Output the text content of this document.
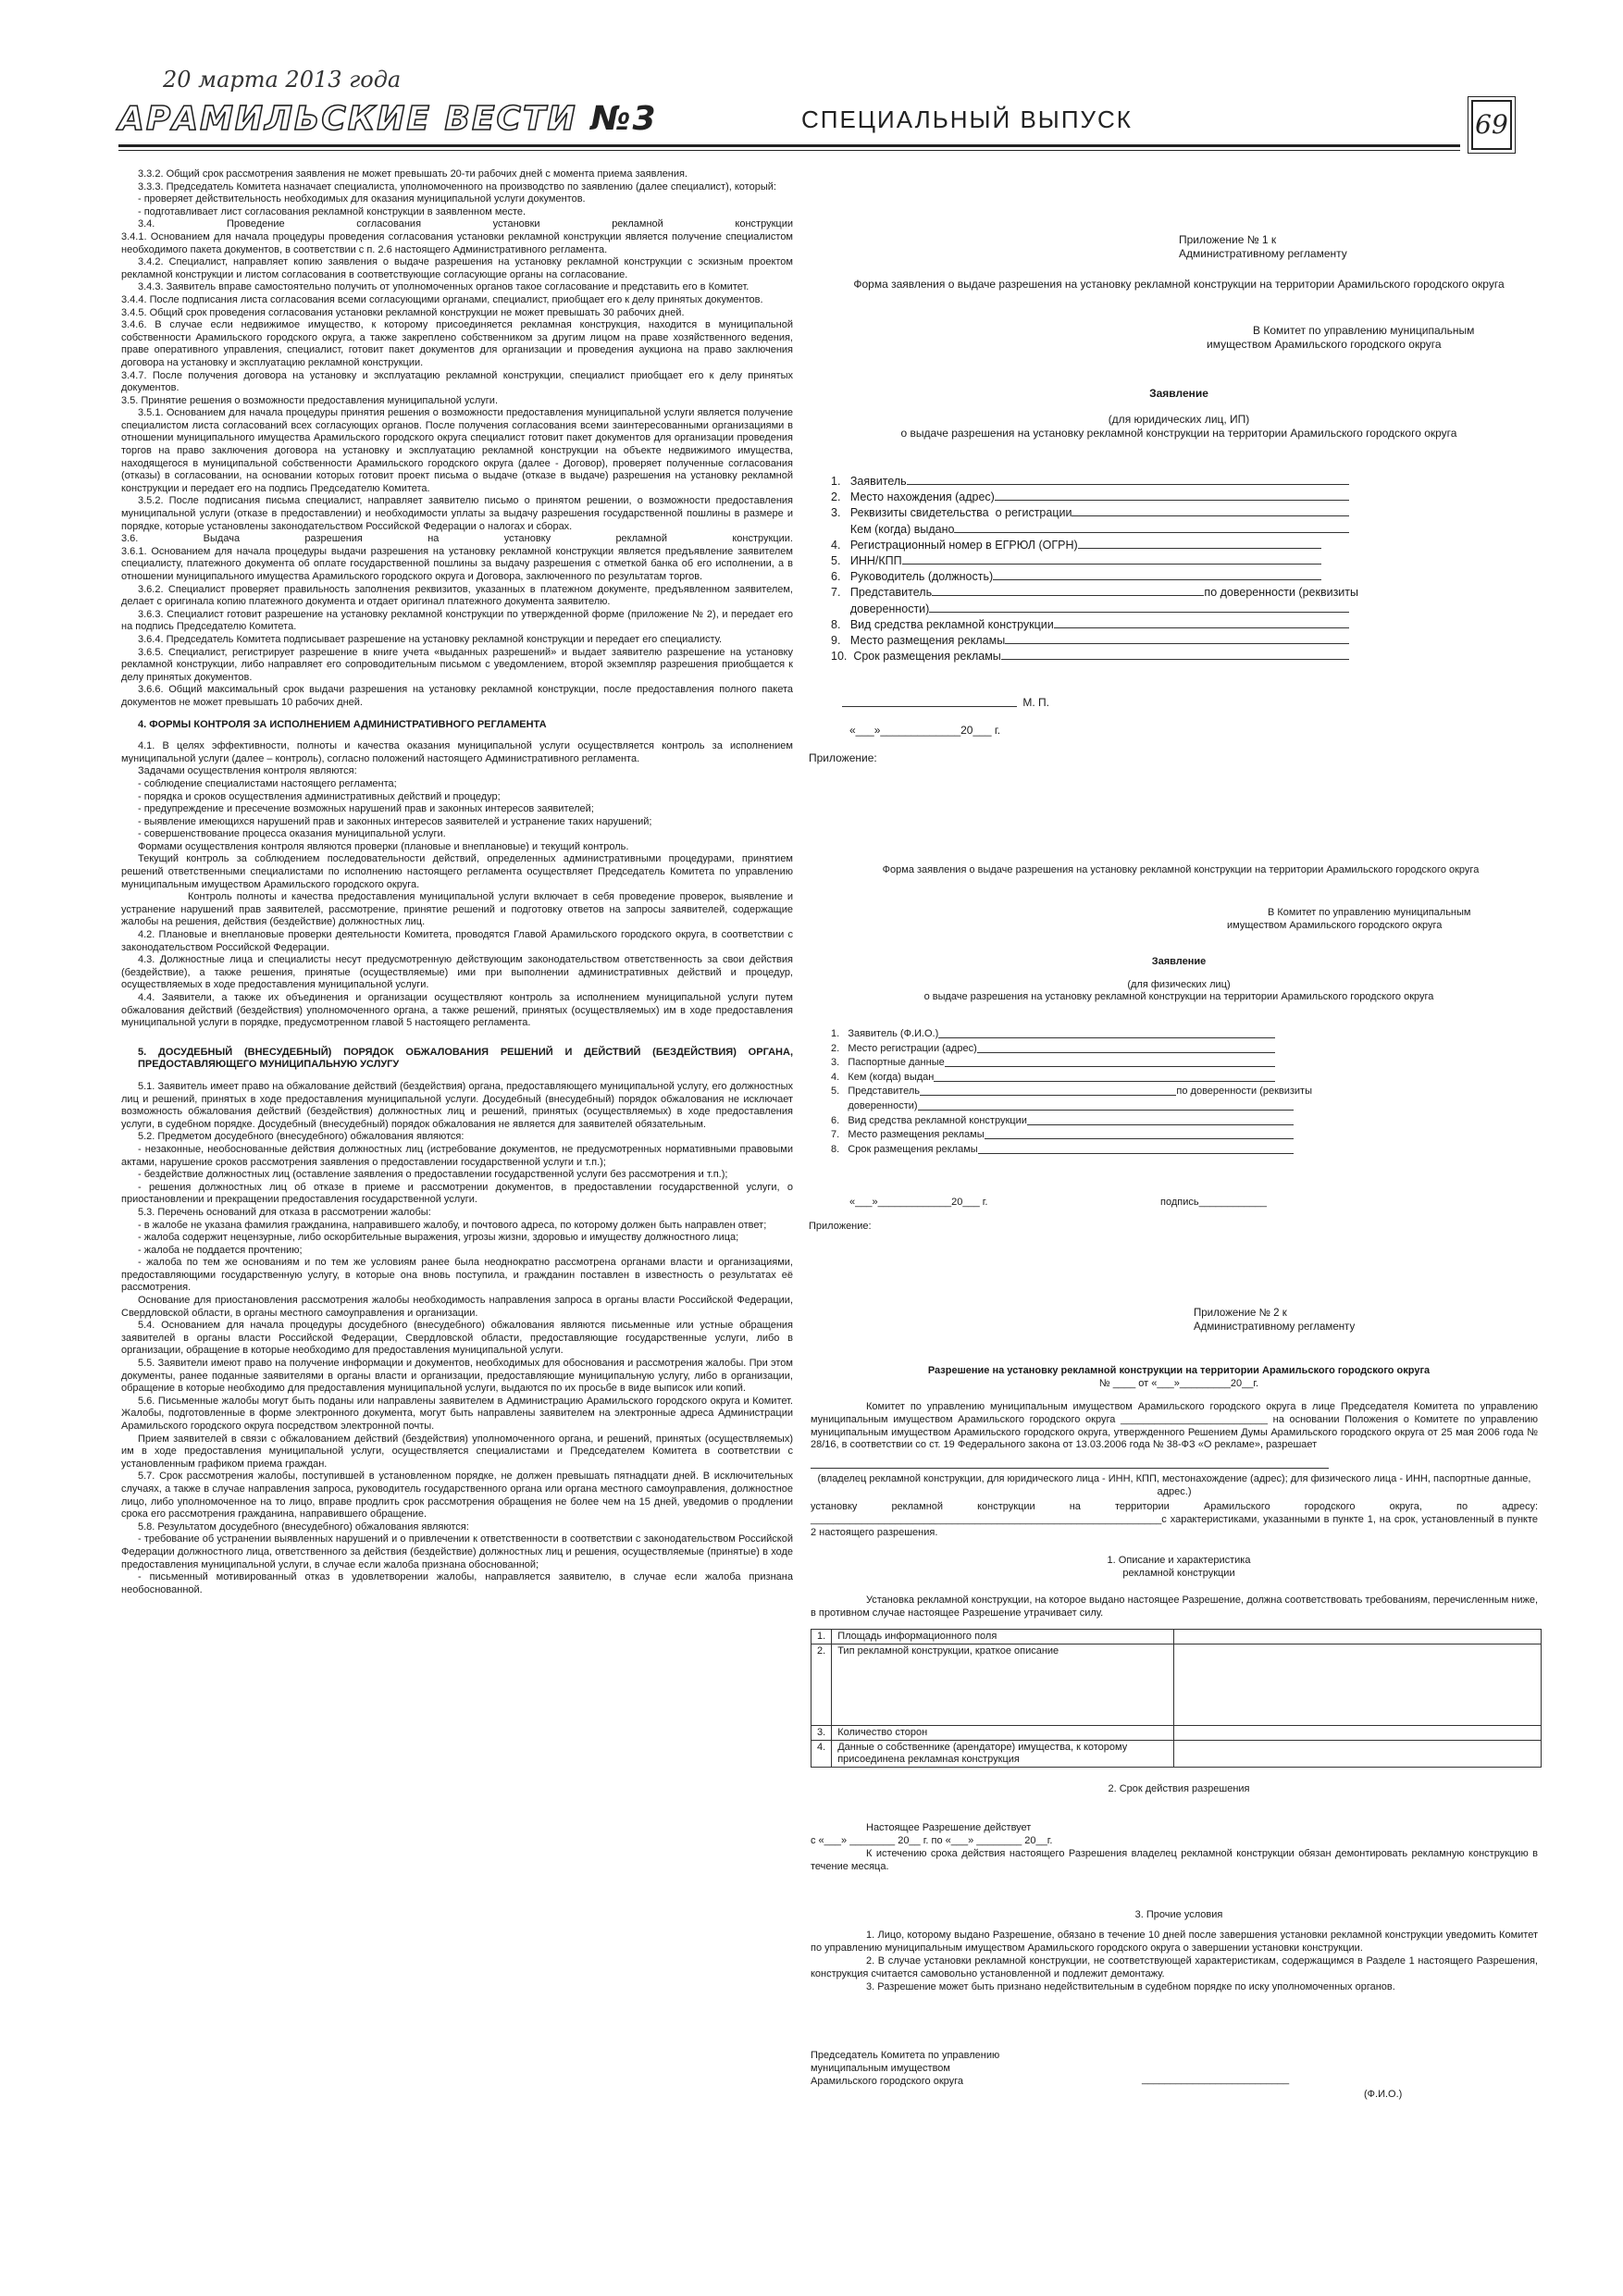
20 марта 2013 года
АРАМИЛЬСКИЕ ВЕСТИ №3	СПЕЦИАЛЬНЫЙ ВЫПУСК	69

3.3.2. Общий срок рассмотрения заявления не может превышать 20-ти рабочих дней с момента приема заявления.

3.3.3. Председатель Комитета назначает специалиста, уполномоченного на производство по заявлению (далее специалист), который:

- проверяет действительность необходимых для оказания муниципальной услуги документов.

- подготавливает лист согласования рекламной конструкции в заявленном месте.

3.4. Проведение согласования установки рекламной конструкции

3.4.1. Основанием для начала процедуры проведения согласования установки рекламной конструкции является получение специалистом необходимого пакета документов, в соответствии с п. 2.6 настоящего Административного регламента.

3.4.2. Специалист, направляет копию заявления о выдаче разрешения на установку рекламной конструкции с эскизным проектом рекламной конструкции и листом согласования в соответствующие согласующие органы на согласование.

3.4.3. Заявитель вправе самостоятельно получить от уполномоченных органов такое согласование и представить его в Комитет.

3.4.4. После подписания листа согласования всеми согласующими органами, специалист, приобщает его к делу принятых документов.

3.4.5. Общий срок проведения согласования установки рекламной конструкции не может превышать 30 рабочих дней.

3.4.6. В случае если недвижимое имущество, к которому присоединяется рекламная конструкция, находится в муниципальной собственности Арамильского городского округа, а также закреплено собственником за другим лицом на праве хозяйственного ведения, праве оперативного управления, специалист, готовит пакет документов для организации и проведения аукциона на право заключения договора на установку и эксплуатацию рекламной конструкции.

3.4.7. После получения договора на установку и эксплуатацию рекламной конструкции, специалист приобщает его к делу принятых документов.

3.5. Принятие решения о возможности предоставления муниципальной услуги.

3.5.1. Основанием для начала процедуры принятия решения о возможности предоставления муниципальной услуги является получение специалистом листа согласований всех согласующих органов. После получения согласования всеми заинтересованными организациями в отношении муниципального имущества Арамильского городского округа специалист готовит пакет документов для организации проведения торгов на право заключения договора на установку и эксплуатацию рекламной конструкции на объекте недвижимого имущества, находящегося в муниципальной собственности Арамильского городского округа (далее - Договор), проверяет полученные согласования (отказы) в согласовании, на основании которых готовит проект письма о выдаче (отказе в выдаче) разрешения на установку рекламной конструкции и передает его на подпись Председателю Комитета.

3.5.2. После подписания письма специалист, направляет заявителю письмо о принятом решении, о возможности предоставления муниципальной услуги (отказе в предоставлении) и необходимости уплаты за выдачу разрешения государственной пошлины в размере и порядке, которые установлены законодательством Российской Федерации о налогах и сборах.

3.6. Выдача разрешения на установку рекламной конструкции.

3.6.1. Основанием для начала процедуры выдачи разрешения на установку рекламной конструкции является предъявление заявителем специалисту, платежного документа об оплате государственной пошлины за выдачу разрешения с отметкой банка об его исполнении, а в отношении муниципального имущества Арамильского городского округа и Договора, заключенного по результатам торгов.

3.6.2. Специалист проверяет правильность заполнения реквизитов, указанных в платежном документе, предъявленном заявителем, делает с оригинала копию платежного документа и отдает оригинал платежного документа заявителю.

3.6.3. Специалист готовит разрешение на установку рекламной конструкции по утвержденной форме (приложение № 2), и передает его на подпись Председателю Комитета.

3.6.4. Председатель Комитета подписывает разрешение на установку рекламной конструкции и передает его специалисту.

3.6.5. Специалист, регистрирует разрешение в книге учета «выданных разрешений» и выдает заявителю разрешение на установку рекламной конструкции, либо направляет его сопроводительным письмом с уведомлением, второй экземпляр разрешения приобщается к делу принятых документов.

3.6.6. Общий максимальный срок выдачи разрешения на установку рекламной конструкции, после предоставления полного пакета документов не может превышать 10 рабочих дней.

4. ФОРМЫ КОНТРОЛЯ ЗА ИСПОЛНЕНИЕМ АДМИНИСТРАТИВНОГО РЕГЛАМЕНТА

4.1. В целях эффективности, полноты и качества оказания муниципальной услуги осуществляется контроль за исполнением муниципальной услуги (далее – контроль), согласно положений настоящего Административного регламента.

Задачами осуществления контроля являются:

- соблюдение специалистами настоящего регламента;

- порядка и сроков осуществления административных действий и процедур;

- предупреждение и пресечение возможных нарушений прав и законных интересов заявителей;

- выявление имеющихся нарушений прав и законных интересов заявителей и устранение таких нарушений;

- совершенствование процесса оказания муниципальной услуги.

Формами осуществления контроля являются проверки (плановые и внеплановые) и текущий контроль.

Текущий контроль за соблюдением последовательности действий, определенных административными процедурами, принятием решений ответственными специалистами по исполнению настоящего регламента осуществляет Председатель Комитета по управлению муниципальным имуществом Арамильского городского округа.

Контроль полноты и качества предоставления муниципальной услуги включает в себя проведение проверок, выявление и устранение нарушений прав заявителей, рассмотрение, принятие решений и подготовку ответов на запросы заявителей, содержащие жалобы на решения, действия (бездействие) должностных лиц.

4.2. Плановые и внеплановые проверки деятельности Комитета, проводятся Главой Арамильского городского округа, в соответствии с законодательством Российской Федерации.

4.3. Должностные лица и специалисты несут предусмотренную действующим законодательством ответственность за свои действия (бездействие), а также решения, принятые (осуществляемые) ими при выполнении административных действий и процедур, осуществляемых в ходе предоставления муниципальной услуги.

4.4. Заявители, а также их объединения и организации осуществляют контроль за исполнением муниципальной услуги путем обжалования действий (бездействия) уполномоченного органа, а также решений, принятых (осуществляемых) им в ходе предоставления муниципальной услуги в порядке, предусмотренном главой 5 настоящего регламента.

5. ДОСУДЕБНЫЙ (ВНЕСУДЕБНЫЙ) ПОРЯДОК ОБЖАЛОВАНИЯ РЕШЕНИЙ И ДЕЙСТВИЙ (БЕЗДЕЙСТВИЯ) ОРГАНА, ПРЕДОСТАВЛЯЮЩЕГО МУНИЦИПАЛЬНУЮ УСЛУГУ

5.1. Заявитель имеет право на обжалование действий (бездействия) органа, предоставляющего муниципальной услугу, его должностных лиц и решений, принятых в ходе предоставления муниципальной услуги. Досудебный (внесудебный) порядок обжалования не исключает возможность обжалования действий (бездействия) должностных лиц и решений, принятых (осуществляемых) в ходе предоставления услуги, в судебном порядке. Досудебный (внесудебный) порядок обжалования не является для заявителей обязательным.

5.2. Предметом досудебного (внесудебного) обжалования являются:

- незаконные, необоснованные действия должностных лиц (истребование документов, не предусмотренных нормативными правовыми актами, нарушение сроков рассмотрения заявления о предоставлении государственной услуги и т.п.);

- бездействие должностных лиц (оставление заявления о предоставлении государственной услуги без рассмотрения и т.п.);

- решения должностных лиц об отказе в приеме и рассмотрении документов, в предоставлении государственной услуги, о приостановлении и прекращении предоставления государственной услуги.

5.3. Перечень оснований для отказа в рассмотрении жалобы:

- в жалобе не указана фамилия гражданина, направившего жалобу, и почтового адреса, по которому должен быть направлен ответ;

- жалоба содержит нецензурные, либо оскорбительные выражения, угрозы жизни, здоровью и имуществу должностного лица;

- жалоба не поддается прочтению;

- жалоба по тем же основаниям и по тем же условиям ранее была неоднократно рассмотрена органами власти и организациями, предоставляющими государственную услугу, в которые она вновь поступила, и гражданин поставлен в известность о результатах её рассмотрения.

Основание для приостановления рассмотрения жалобы необходимость направления запроса в органы власти Российской Федерации, Свердловской области, в органы местного самоуправления и организации.

5.4. Основанием для начала процедуры досудебного (внесудебного) обжалования являются письменные или устные обращения заявителей в органы власти Российской Федерации, Свердловской области, предоставляющие государственные услуги, либо в организации, обращение в которые необходимо для предоставления муниципальной услуги.

5.5. Заявители имеют право на получение информации и документов, необходимых для обоснования и рассмотрения жалобы. При этом документы, ранее поданные заявителями в органы власти и организации, предоставляющие муниципальную услугу, либо в организации, обращение в которые необходимо для предоставления муниципальной услуги, выдаются по их просьбе в виде выписок или копий.

5.6. Письменные жалобы могут быть поданы или направлены заявителем в Администрацию Арамильского городского округа и Комитет. Жалобы, подготовленные в форме электронного документа, могут быть направлены заявителем на электронные адреса Администрации Арамильского городского округа посредством электронной почты.

Прием заявителей в связи с обжалованием действий (бездействия) уполномоченного органа, и решений, принятых (осуществляемых) им в ходе предоставления муниципальной услуги, осуществляется специалистами и Председателем Комитета в соответствии с установленным графиком приема граждан.

5.7. Срок рассмотрения жалобы, поступившей в установленном порядке, не должен превышать пятнадцати дней. В исключительных случаях, а также в случае направления запроса, руководитель государственного органа или органа местного самоуправления, должностное лицо, либо уполномоченное на то лицо, вправе продлить срок рассмотрения обращения не более чем на 15 дней, уведомив о продлении срока его рассмотрения гражданина, направившего обращение.

5.8. Результатом досудебного (внесудебного) обжалования являются:

- требование об устранении выявленных нарушений и о привлечении к ответственности в соответствии с законодательством Российской Федерации должностного лица, ответственного за действия (бездействие) должностных лиц и решения, осуществляемые (принятые) в ходе предоставления муниципальной услуги, в случае если жалоба признана обоснованной;

- письменный мотивированный отказ в удовлетворении жалобы, направляется заявителю, в случае если жалоба признана необоснованной.

Приложение № 1 к
Административному регламенту
Форма заявления о выдаче разрешения на установку рекламной конструкции на территории Арамильского городского округа
В Комитет по управлению муниципальным
имуществом Арамильского городского округа
Заявление
(для юридических лиц, ИП)
о выдаче разрешения на установку рекламной конструкции на территории Арамильского городского округа
1.   Заявитель
2.   Место нахождения (адрес)
3.   Реквизиты свидетельства  о регистрации
Кем (когда) выдано
4.   Регистрационный номер в ЕГРЮЛ (ОГРН)
5.   ИНН/КПП
6.   Руководитель (должность)
7.   Представитель	по доверенности (реквизиты
доверенности)
8.   Вид средства рекламной конструкции
9.   Место размещения рекламы
10.  Срок размещения рекламы
М. П.
«___»_____________20___ г.
Приложение:
Форма заявления о выдаче разрешения на установку рекламной конструкции на территории Арамильского городского округа
В Комитет по управлению муниципальным
имуществом Арамильского городского округа
Заявление
(для физических лиц)
о выдаче разрешения на установку рекламной конструкции на территории Арамильского городского округа
1.   Заявитель (Ф.И.О.)
2.   Место регистрации (адрес)
3.   Паспортные данные
4.   Кем (когда) выдан
5.   Представитель	по доверенности (реквизиты
доверенности)
6.   Вид средства рекламной конструкции
7.   Место размещения рекламы
8.   Срок размещения рекламы
«___»_____________20___ г.	подпись____________
Приложение:
Приложение № 2 к
Административному регламенту
Разрешение на установку рекламной конструкции на территории Арамильского городского округа
№ ____ от «___»_________20__г.
Комитет по управлению муниципальным имуществом Арамильского городского округа в лице Председателя Комитета по управлению муниципальным имуществом Арамильского городского округа __________________________ на основании Положения о Комитете по управлению муниципальным имуществом Арамильского городского округа, утвержденного Решением Думы Арамильского городского округа от 25 мая 2006 года № 28/16, в соответствии со ст. 19 Федерального закона от 13.03.2006 года № 38-ФЗ «О рекламе», разрешает
(владелец рекламной конструкции, для юридического лица - ИНН, КПП, местонахождение (адрес); для физического лица - ИНН, паспортные данные, адрес.)
установку рекламной конструкции на территории Арамильского городского округа, по адресу: ______________________________________________________________с характеристиками, указанными в пункте 1, на срок, установленный в пункте 2 настоящего разрешения.
1. Описание и характеристика
рекламной конструкции
Установка рекламной конструкции, на которое выдано настоящее Разрешение, должна соответствовать требованиям, перечисленным ниже, в противном случае настоящее Разрешение утрачивает силу.
1.	Площадь информационного поля	
2.	Тип рекламной конструкции, краткое описание	
3.	Количество сторон	
4.	Данные о собственнике (арендаторе) имущества, к которому присоединена рекламная конструкция	
2. Срок действия разрешения
Настоящее Разрешение действует
с «___» ________ 20__ г. по «___» ________ 20__г.
К истечению срока действия настоящего Разрешения владелец рекламной конструкции обязан демонтировать рекламную конструкцию в течение месяца.
3. Прочие условия
1. Лицо, которому выдано Разрешение, обязано в течение 10 дней после завершения установки рекламной конструкции уведомить Комитет по управлению муниципальным имуществом Арамильского городского округа о завершении установки конструкции.
2. В случае установки рекламной конструкции, не соответствующей характеристикам, содержащимся в Разделе 1 настоящего Разрешения, конструкция считается самовольно установленной и подлежит демонтажу.
3. Разрешение может быть признано недействительным в судебном порядке по иску уполномоченных органов.
Председатель Комитета по управлению
муниципальным имуществом
Арамильского городского округа	__________________________
(Ф.И.О.)
